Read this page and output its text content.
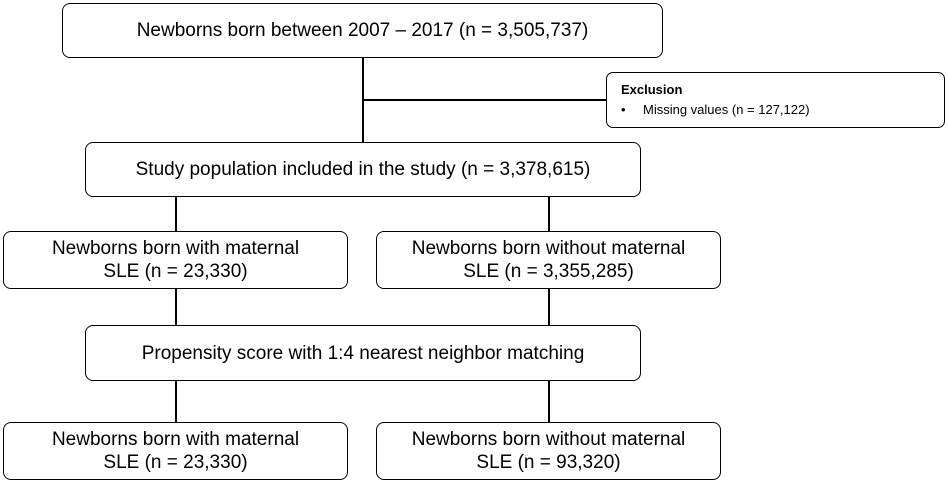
Newborns born between 2007 – 2017 (n = 3,505,737)
Exclusion
• Missing values (n = 127,122)
Study population included in the study (n = 3,378,615)
Newborns born with maternal
SLE (n = 23,330)
Newborns born without maternal
SLE (n = 3,355,285)
Propensity score with 1:4 nearest neighbor matching
Newborns born with maternal
SLE (n = 23,330)
Newborns born without maternal
SLE (n = 93,320)
